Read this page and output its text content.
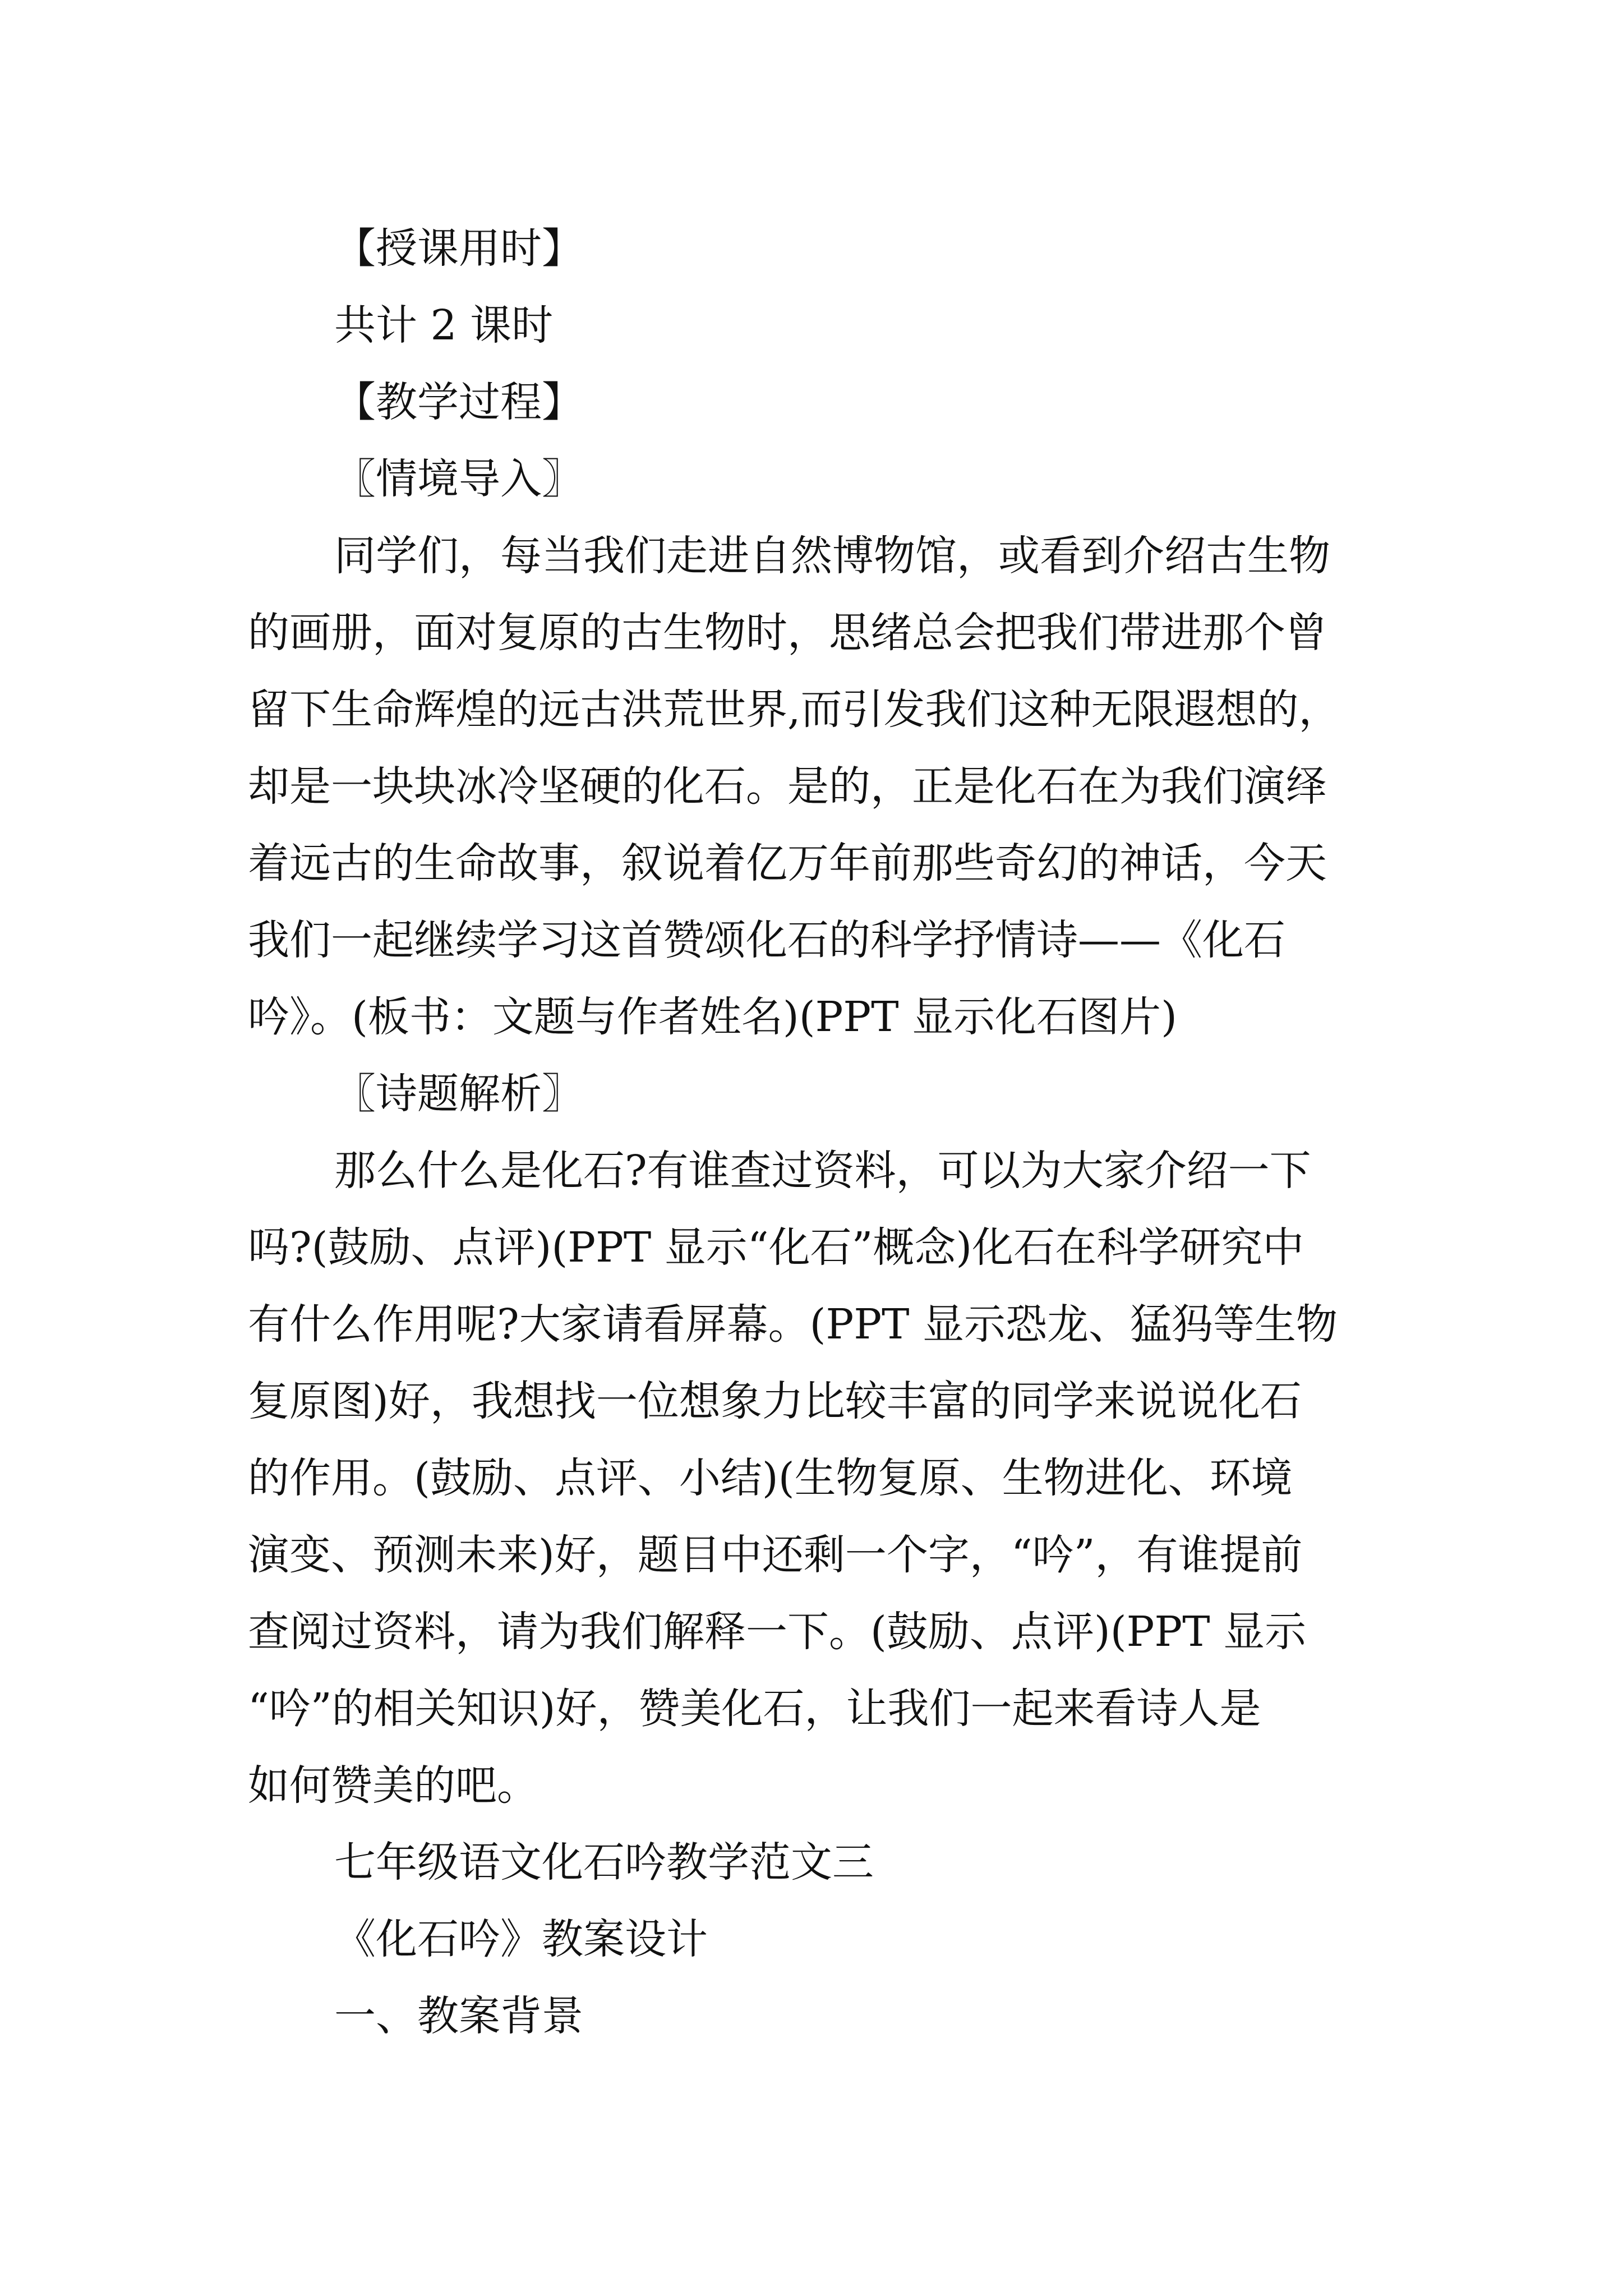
【授课用时】
共计 2 课时
【教学过程】
〖情境导入〗
同学们，每当我们走进自然博物馆，或看到介绍古生物
的画册，面对复原的古生物时，思绪总会把我们带进那个曾
留下生命辉煌的远古洪荒世界,而引发我们这种无限遐想的，
却是一块块冰冷坚硬的化石。是的，正是化石在为我们演绎
着远古的生命故事，叙说着亿万年前那些奇幻的神话，今天
我们一起继续学习这首赞颂化石的科学抒情诗——《化石
吟》。(板书：文题与作者姓名)(PPT 显示化石图片)
〖诗题解析〗
那么什么是化石?有谁查过资料，可以为大家介绍一下
吗?(鼓励、点评)(PPT 显示“化石”概念)化石在科学研究中
有什么作用呢?大家请看屏幕。(PPT 显示恐龙、猛犸等生物
复原图)好，我想找一位想象力比较丰富的同学来说说化石
的作用。(鼓励、点评、小结)(生物复原、生物进化、环境
演变、预测未来)好，题目中还剩一个字，“吟”，有谁提前
查阅过资料，请为我们解释一下。(鼓励、点评)(PPT 显示
“吟”的相关知识)好，赞美化石，让我们一起来看诗人是
如何赞美的吧。
七年级语文化石吟教学范文三
《化石吟》教案设计
一、教案背景
